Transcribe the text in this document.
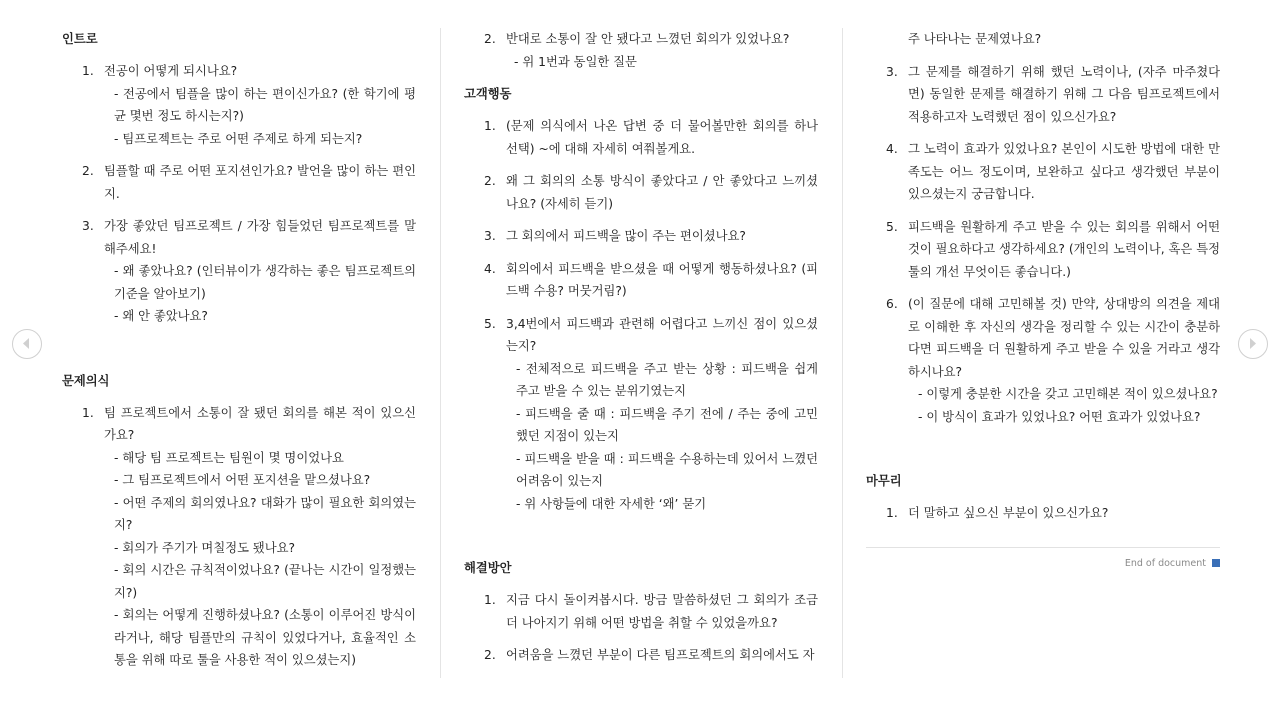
인트로
1. 전공이 어떻게 되시나요?
- 전공에서 팀플을 많이 하는 편이신가요? (한 학기에 평균 몇번 정도 하시는지?)
- 팀프로젝트는 주로 어떤 주제로 하게 되는지?
2. 팀플할 때 주로 어떤 포지션인가요? 발언을 많이 하는 편인지.
3. 가장 좋았던 팀프로젝트 / 가장 힘들었던 팀프로젝트를 말해주세요!
- 왜 좋았나요? (인터뷰이가 생각하는 좋은 팀프로젝트의 기준을 알아보기)
- 왜 안 좋았나요?
문제의식
1. 팀 프로젝트에서 소통이 잘 됐던 회의를 해본 적이 있으신가요?
- 해당 팀 프로젝트는 팀원이 몇 명이었나요
- 그 팀프로젝트에서 어떤 포지션을 맡으셨나요?
- 어떤 주제의 회의였나요? 대화가 많이 필요한 회의였는지?
- 회의가 주기가 며칠정도 됐나요?
- 회의 시간은 규칙적이었나요? (끝나는 시간이 일정했는지?)
- 회의는 어떻게 진행하셨나요? (소통이 이루어진 방식이라거나, 해당 팀플만의 규칙이 있었다거나, 효율적인 소통을 위해 따로 툴을 사용한 적이 있으셨는지)
2. 반대로 소통이 잘 안 됐다고 느꼈던 회의가 있었나요?
- 위 1번과 동일한 질문
고객행동
1. (문제 의식에서 나온 답변 중 더 물어볼만한 회의를 하나 선택) ~에 대해 자세히 여쭤볼게요.
2. 왜 그 회의의 소통 방식이 좋았다고 / 안 좋았다고 느끼셨나요? (자세히 듣기)
3. 그 회의에서 피드백을 많이 주는 편이셨나요?
4. 회의에서 피드백을 받으셨을 때 어떻게 행동하셨나요? (피드백 수용? 머뭇거림?)
5. 3,4번에서 피드백과 관련해 어렵다고 느끼신 점이 있으셨는지?
- 전체적으로 피드백을 주고 받는 상황 : 피드백을 쉽게 주고 받을 수 있는 분위기였는지
- 피드백을 줄 때 : 피드백을 주기 전에 / 주는 중에 고민했던 지점이 있는지
- 피드백을 받을 때 : 피드백을 수용하는데 있어서 느꼈던 어려움이 있는지
- 위 사항들에 대한 자세한 ‘왜’ 묻기
해결방안
1. 지금 다시 돌이켜봅시다. 방금 말씀하셨던 그 회의가 조금 더 나아지기 위해 어떤 방법을 취할 수 있었을까요?
2. 어려움을 느꼈던 부분이 다른 팀프로젝트의 회의에서도 자
주 나타나는 문제였나요?
3. 그 문제를 해결하기 위해 했던 노력이나, (자주 마주쳤다면) 동일한 문제를 해결하기 위해 그 다음 팀프로젝트에서 적용하고자 노력했던 점이 있으신가요?
4. 그 노력이 효과가 있었나요? 본인이 시도한 방법에 대한 만족도는 어느 정도이며, 보완하고 싶다고 생각했던 부분이 있으셨는지 궁금합니다.
5. 피드백을 원활하게 주고 받을 수 있는 회의를 위해서 어떤 것이 필요하다고 생각하세요? (개인의 노력이나, 혹은 특정 툴의 개선 무엇이든 좋습니다.)
6. (이 질문에 대해 고민해볼 것) 만약, 상대방의 의견을 제대로 이해한 후 자신의 생각을 정리할 수 있는 시간이 충분하다면 피드백을 더 원활하게 주고 받을 수 있을 거라고 생각하시나요?
- 이렇게 충분한 시간을 갖고 고민해본 적이 있으셨나요?
- 이 방식이 효과가 있었나요? 어떤 효과가 있었나요?
마무리
1. 더 말하고 싶으신 부분이 있으신가요?
End of document
